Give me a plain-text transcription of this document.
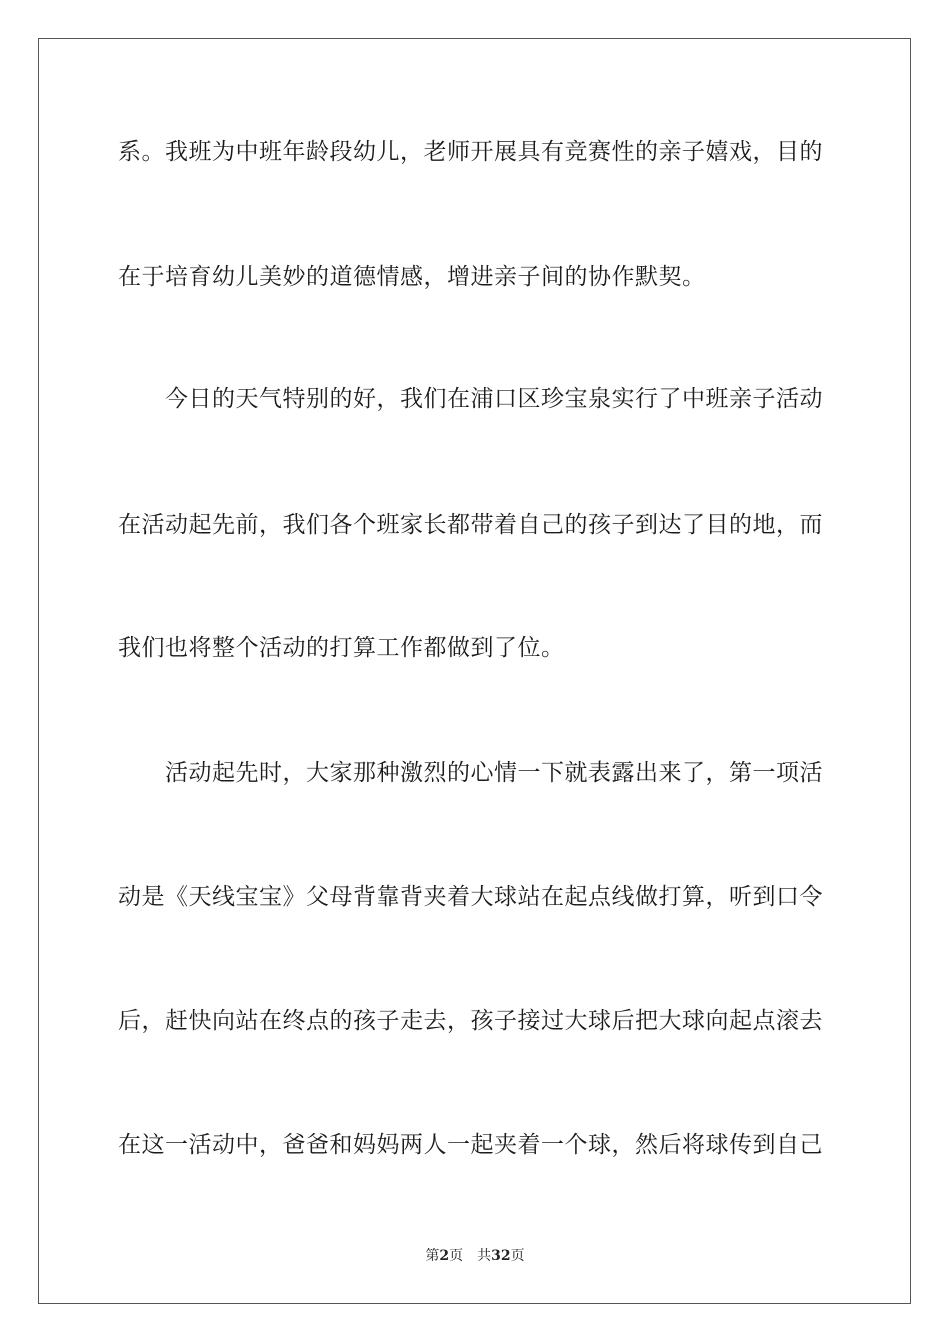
系。我班为中班年龄段幼儿，老师开展具有竞赛性的亲子嬉戏，目的
在于培育幼儿美妙的道德情感，增进亲子间的协作默契。
今日的天气特别的好，我们在浦口区珍宝泉实行了中班亲子活动
在活动起先前，我们各个班家长都带着自己的孩子到达了目的地，而
我们也将整个活动的打算工作都做到了位。
活动起先时，大家那种激烈的心情一下就表露出来了，第一项活
动是《天线宝宝》父母背靠背夹着大球站在起点线做打算，听到口令
后，赶快向站在终点的孩子走去，孩子接过大球后把大球向起点滚去
在这一活动中，爸爸和妈妈两人一起夹着一个球，然后将球传到自己
第2页 共32页
